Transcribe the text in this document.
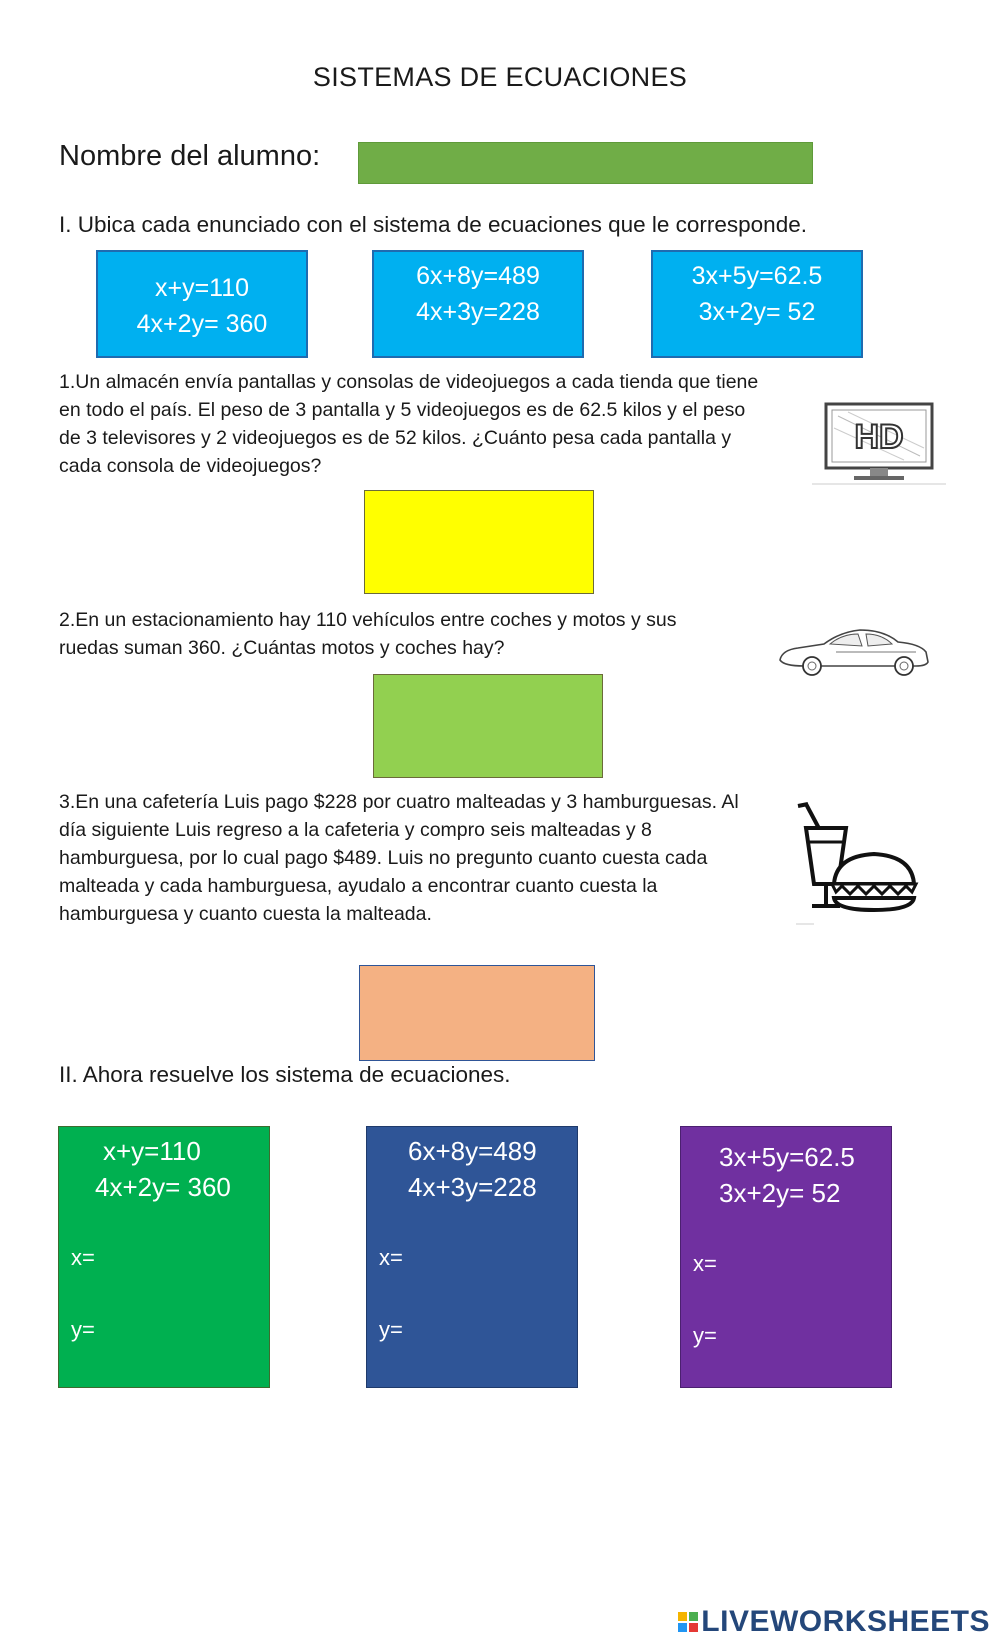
SISTEMAS DE ECUACIONES
Nombre del alumno:
I. Ubica cada enunciado con el sistema de ecuaciones que le corresponde.
x+y=110
4x+2y= 360
6x+8y=489
4x+3y=228
3x+5y=62.5
3x+2y= 52
1.Un almacén envía pantallas y consolas de videojuegos a cada tienda que tiene
en todo el país. El peso de 3 pantalla y 5 videojuegos es de 62.5 kilos y el peso
de 3 televisores y 2 videojuegos es de 52 kilos. ¿Cuánto pesa cada pantalla y
cada consola de videojuegos?
HD
2.En un estacionamiento hay 110 vehículos entre coches y motos y sus
ruedas suman 360. ¿Cuántas motos y coches hay?
3.En una cafetería Luis pago $228 por cuatro malteadas y 3 hamburguesas. Al
día siguiente Luis regreso a la cafeteria y compro seis malteadas y 8
hamburguesa, por lo cual pago $489. Luis no pregunto cuanto cuesta cada
malteada y cada hamburguesa, ayudalo a encontrar cuanto cuesta la
hamburguesa y cuanto cuesta la malteada.
II. Ahora resuelve los sistema de ecuaciones.
x+y=110
4x+2y= 360
x=
y=
6x+8y=489
4x+3y=228
x=
y=
3x+5y=62.5
3x+2y= 52
x=
y=
LIVEWORKSHEETS
